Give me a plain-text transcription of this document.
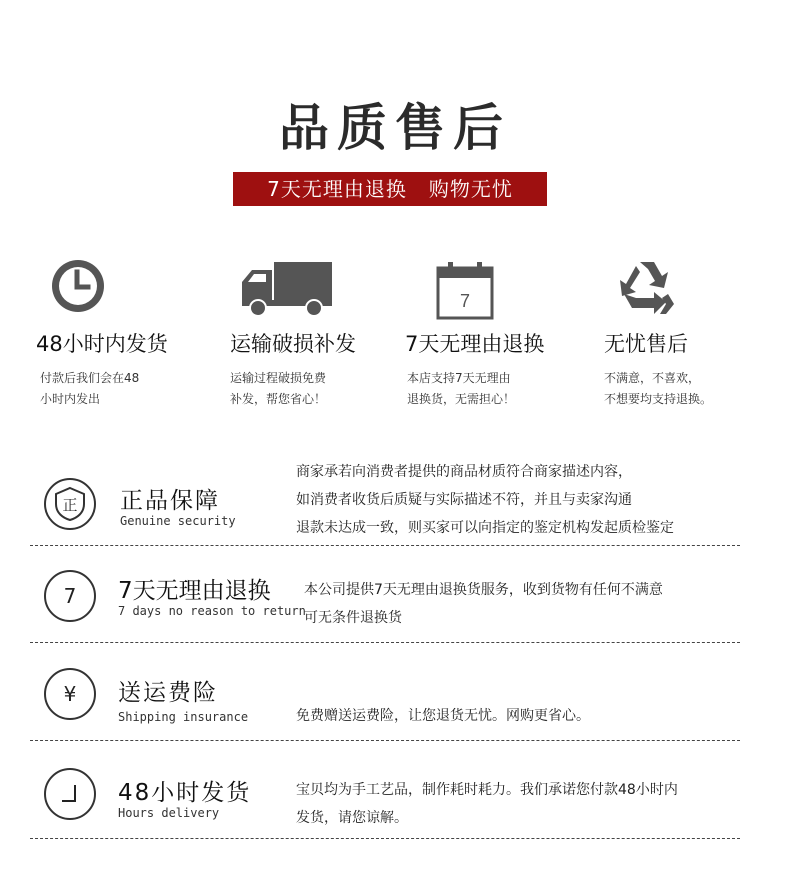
品质售后
7天无理由退换   购物无忧
48小时内发货
付款后我们会在48
小时内发出
运输破损补发
运输过程破损免费
补发，帮您省心！
7
7天无理由退换
本店支持7天无理由
退换货，无需担心！
无忧售后
不满意，不喜欢，
不想要均支持退换。
正 正品保障
Genuine security
商家承若向消费者提供的商品材质符合商家描述内容，
如消费者收货后质疑与实际描述不符，并且与卖家沟通
退款未达成一致，则买家可以向指定的鉴定机构发起质检鉴定
7	7天无理由退换
7 days no reason to return
本公司提供7天无理由退换货服务，收到货物有任何不满意
可无条件退换货
¥	送运费险
Shipping insurance	免费赠送运费险，让您退货无忧。网购更省心。
48小时发货
Hours delivery
宝贝均为手工艺品，制作耗时耗力。我们承诺您付款48小时内
发货，请您谅解。
